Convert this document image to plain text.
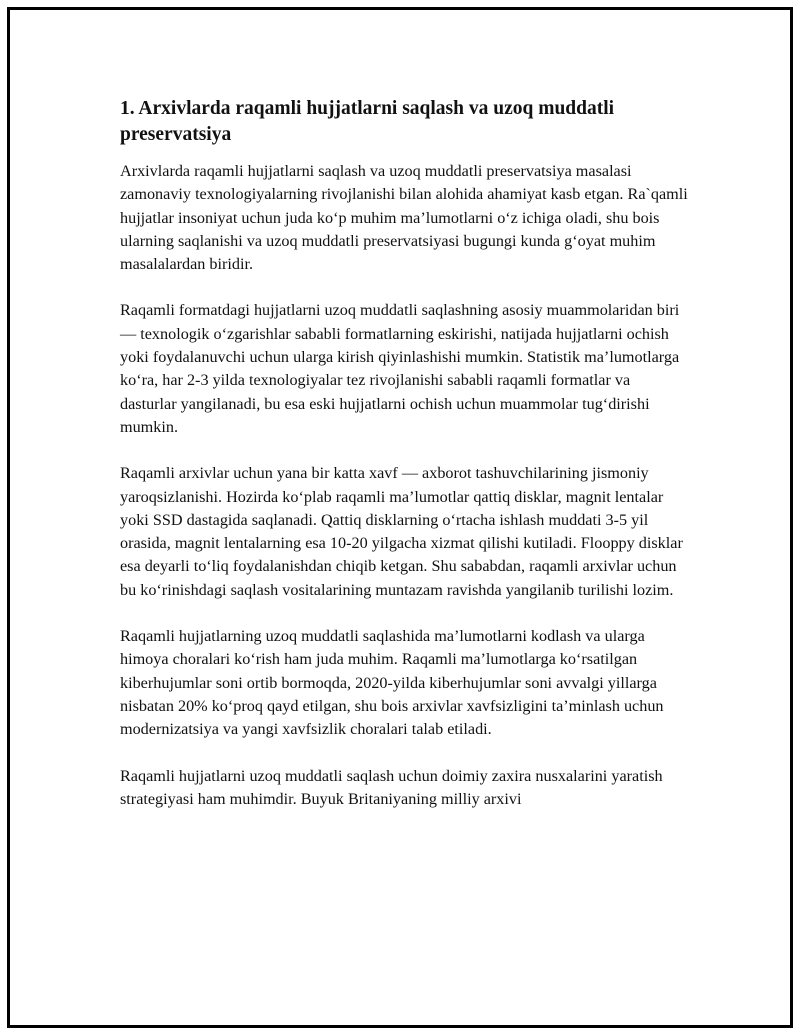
1. Arxivlarda raqamli hujjatlarni saqlash va uzoq muddatli preservatsiya

Arxivlarda raqamli hujjatlarni saqlash va uzoq muddatli preservatsiya masalasi zamonaviy texnologiyalarning rivojlanishi bilan alohida ahamiyat kasb etgan. Ra`qamli hujjatlar insoniyat uchun juda ko‘p muhim ma’lumotlarni o‘z ichiga oladi, shu bois ularning saqlanishi va uzoq muddatli preservatsiyasi bugungi kunda g‘oyat muhim masalalardan biridir.

Raqamli formatdagi hujjatlarni uzoq muddatli saqlashning asosiy muammolaridan biri — texnologik o‘zgarishlar sababli formatlarning eskirishi, natijada hujjatlarni ochish yoki foydalanuvchi uchun ularga kirish qiyinlashishi mumkin. Statistik ma’lumotlarga ko‘ra, har 2-3 yilda texnologiyalar tez rivojlanishi sababli raqamli formatlar va dasturlar yangilanadi, bu esa eski hujjatlarni ochish uchun muammolar tug‘dirishi mumkin.

Raqamli arxivlar uchun yana bir katta xavf — axborot tashuvchilarining jismoniy yaroqsizlanishi. Hozirda ko‘plab raqamli ma’lumotlar qattiq disklar, magnit lentalar yoki SSD dastagida saqlanadi. Qattiq disklarning o‘rtacha ishlash muddati 3-5 yil orasida, magnit lentalarning esa 10-20 yilgacha xizmat qilishi kutiladi. Flooppy disklar esa deyarli to‘liq foydalanishdan chiqib ketgan. Shu sababdan, raqamli arxivlar uchun bu ko‘rinishdagi saqlash vositalarining muntazam ravishda yangilanib turilishi lozim.

Raqamli hujjatlarning uzoq muddatli saqlashida ma’lumotlarni kodlash va ularga himoya choralari ko‘rish ham juda muhim. Raqamli ma’lumotlarga ko‘rsatilgan kiberhujumlar soni ortib bormoqda, 2020-yilda kiberhujumlar soni avvalgi yillarga nisbatan 20% ko‘proq qayd etilgan, shu bois arxivlar xavfsizligini ta’minlash uchun modernizatsiya va yangi xavfsizlik choralari talab etiladi.

Raqamli hujjatlarni uzoq muddatli saqlash uchun doimiy zaxira nusxalarini yaratish strategiyasi ham muhimdir. Buyuk Britaniyaning milliy arxivi
